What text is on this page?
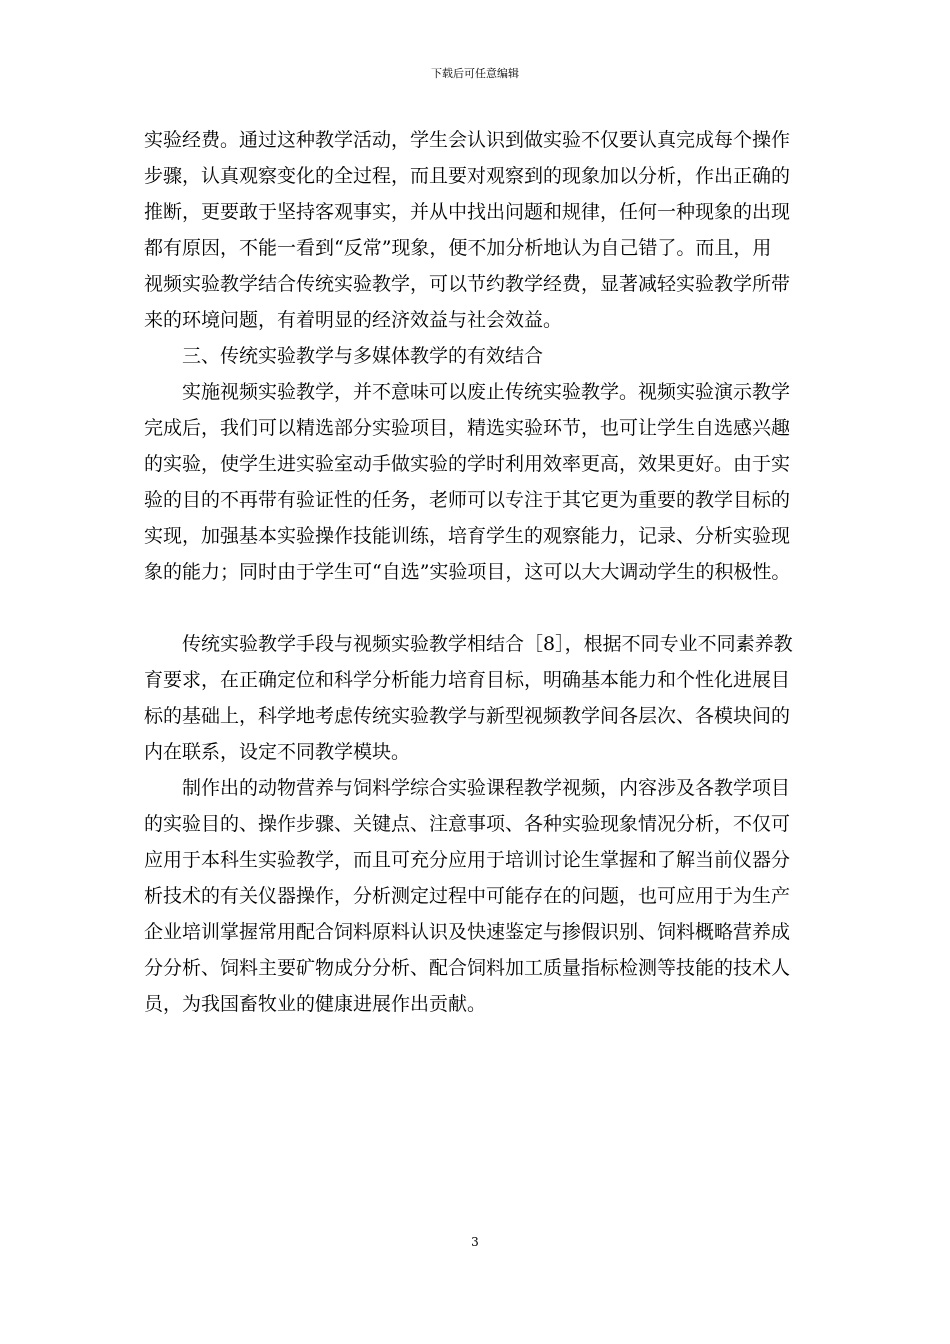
下载后可任意编辑
实验经费。通过这种教学活动，学生会认识到做实验不仅要认真完成每个操作
步骤，认真观察变化的全过程，而且要对观察到的现象加以分析，作出正确的
推断，更要敢于坚持客观事实，并从中找出问题和规律，任何一种现象的出现
都有原因，不能一看到“反常”现象，便不加分析地认为自己错了。而且，用
视频实验教学结合传统实验教学，可以节约教学经费，显著减轻实验教学所带
来的环境问题，有着明显的经济效益与社会效益。
三、传统实验教学与多媒体教学的有效结合
实施视频实验教学，并不意味可以废止传统实验教学。视频实验演示教学
完成后，我们可以精选部分实验项目，精选实验环节，也可让学生自选感兴趣
的实验，使学生进实验室动手做实验的学时利用效率更高，效果更好。由于实
验的目的不再带有验证性的任务，老师可以专注于其它更为重要的教学目标的
实现，加强基本实验操作技能训练，培育学生的观察能力，记录、分析实验现
象的能力；同时由于学生可“自选”实验项目，这可以大大调动学生的积极性。
传统实验教学手段与视频实验教学相结合［8］，根据不同专业不同素养教
育要求，在正确定位和科学分析能力培育目标，明确基本能力和个性化进展目
标的基础上，科学地考虑传统实验教学与新型视频教学间各层次、各模块间的
内在联系，设定不同教学模块。
制作出的动物营养与饲料学综合实验课程教学视频，内容涉及各教学项目
的实验目的、操作步骤、关键点、注意事项、各种实验现象情况分析，不仅可
应用于本科生实验教学，而且可充分应用于培训讨论生掌握和了解当前仪器分
析技术的有关仪器操作，分析测定过程中可能存在的问题，也可应用于为生产
企业培训掌握常用配合饲料原料认识及快速鉴定与掺假识别、饲料概略营养成
分分析、饲料主要矿物成分分析、配合饲料加工质量指标检测等技能的技术人
员，为我国畜牧业的健康进展作出贡献。
3
